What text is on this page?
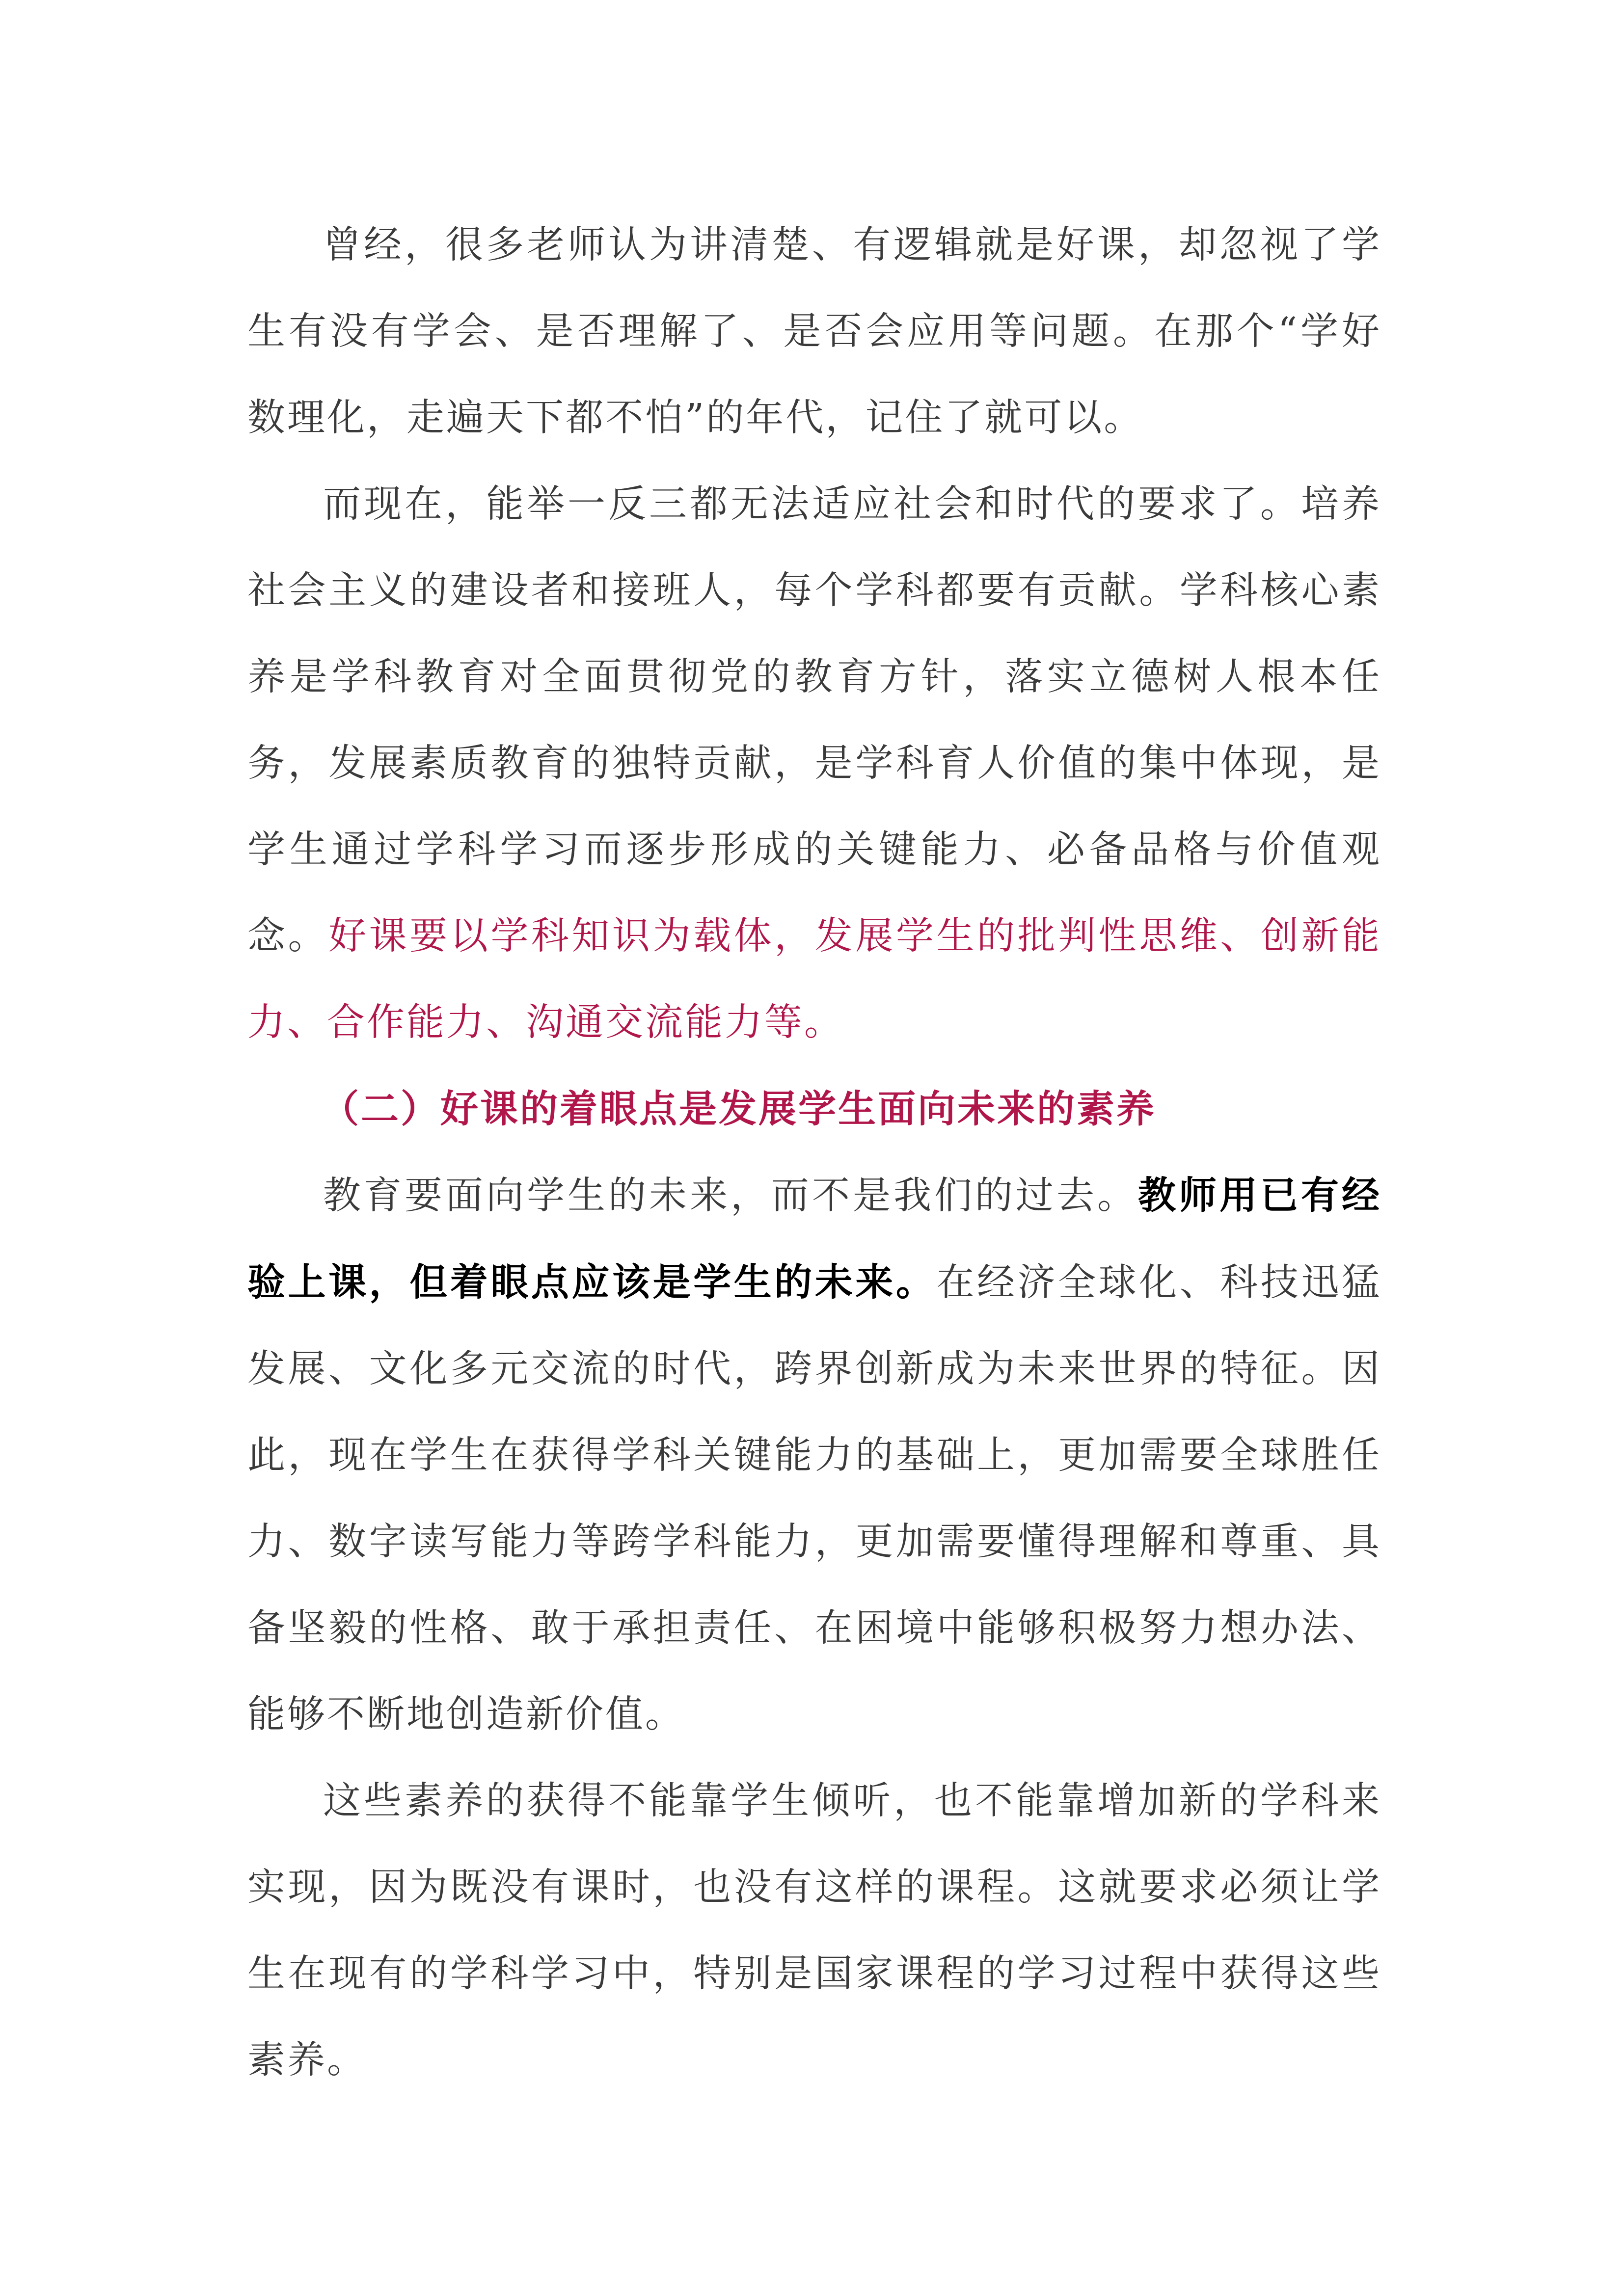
曾经，很多老师认为讲清楚、有逻辑就是好课，却忽视了学生有没有学会、是否理解了、是否会应用等问题。在那个“学好数理化，走遍天下都不怕”的年代，记住了就可以。

而现在，能举一反三都无法适应社会和时代的要求了。培养社会主义的建设者和接班人，每个学科都要有贡献。学科核心素养是学科教育对全面贯彻党的教育方针，落实立德树人根本任务，发展素质教育的独特贡献，是学科育人价值的集中体现，是学生通过学科学习而逐步形成的关键能力、必备品格与价值观念。好课要以学科知识为载体，发展学生的批判性思维、创新能力、合作能力、沟通交流能力等。

（二）好课的着眼点是发展学生面向未来的素养

教育要面向学生的未来，而不是我们的过去。教师用已有经验上课，但着眼点应该是学生的未来。在经济全球化、科技迅猛发展、文化多元交流的时代，跨界创新成为未来世界的特征。因此，现在学生在获得学科关键能力的基础上，更加需要全球胜任力、数字读写能力等跨学科能力，更加需要懂得理解和尊重、具备坚毅的性格、敢于承担责任、在困境中能够积极努力想办法、能够不断地创造新价值。

这些素养的获得不能靠学生倾听，也不能靠增加新的学科来实现，因为既没有课时，也没有这样的课程。这就要求必须让学生在现有的学科学习中，特别是国家课程的学习过程中获得这些素养。
